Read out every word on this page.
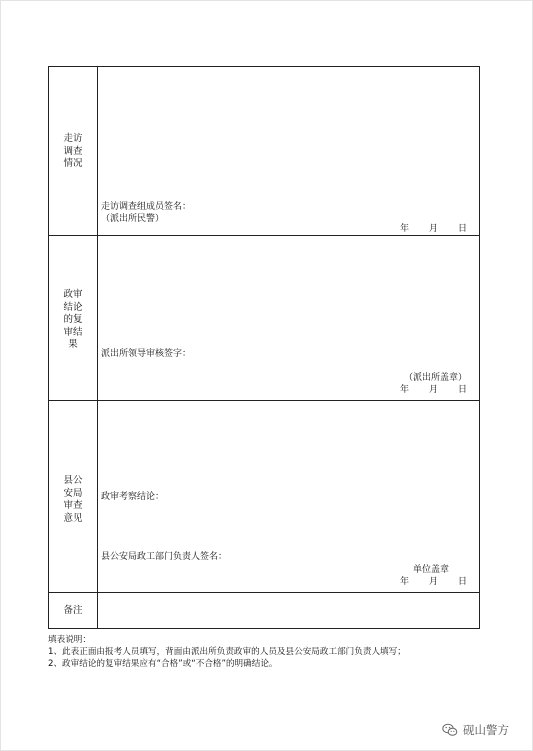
走访
调查
情况
走访调查组成员签名：
（派出所民警）
年 月 日
政审
结论
的复
审结
果
派出所领导审核签字：
（派出所盖章）
年 月 日
县公
安局
审查
意见
政审考察结论：
县公安局政工部门负责人签名：
单位盖章
年 月 日
备注
填表说明：
1、此表正面由报考人员填写，背面由派出所负责政审的人员及县公安局政工部门负责人填写；
2、政审结论的复审结果应有“合格”或“不合格”的明确结论。
砚山警方
